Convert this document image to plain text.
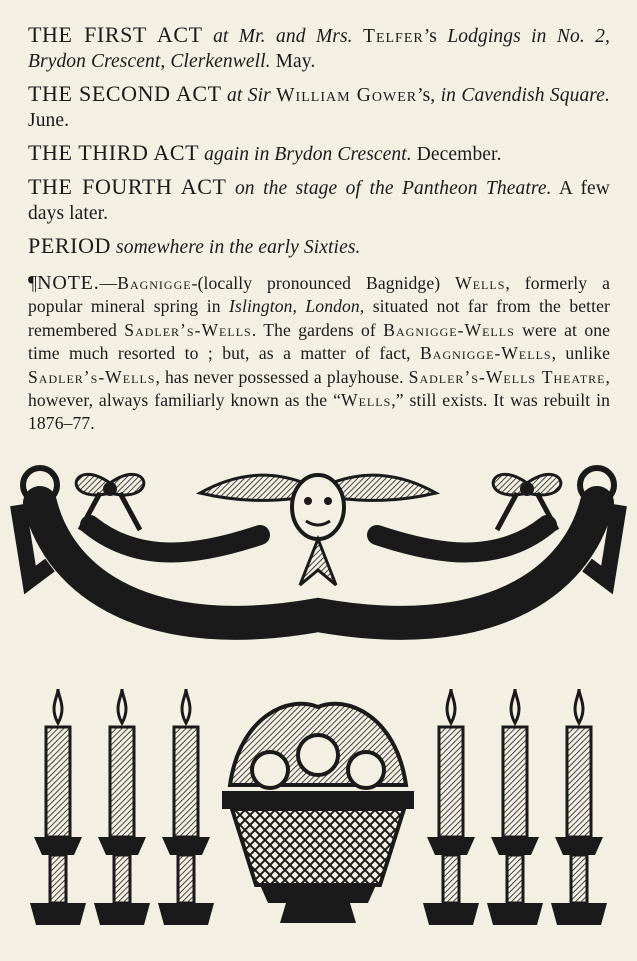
THE FIRST ACT at Mr. and Mrs. Telfer’s Lodgings in No. 2, Brydon Crescent, Clerkenwell. May.

THE SECOND ACT at Sir William Gower’s, in Cavendish Square. June.

THE THIRD ACT again in Brydon Crescent. December.

THE FOURTH ACT on the stage of the Pantheon Theatre. A few days later.

PERIOD somewhere in the early Sixties.

¶NOTE.—Bagnigge-(locally pronounced Bagnidge) Wells, formerly a popular mineral spring in Islington, London, situated not far from the better remembered Sadler’s-Wells. The gardens of Bagnigge-Wells were at one time much resorted to ; but, as a matter of fact, Bagnigge-Wells, unlike Sadler’s-Wells, has never possessed a playhouse. Sadler’s-Wells Theatre, however, always familiarly known as the “Wells,” still exists. It was rebuilt in 1876–77.
